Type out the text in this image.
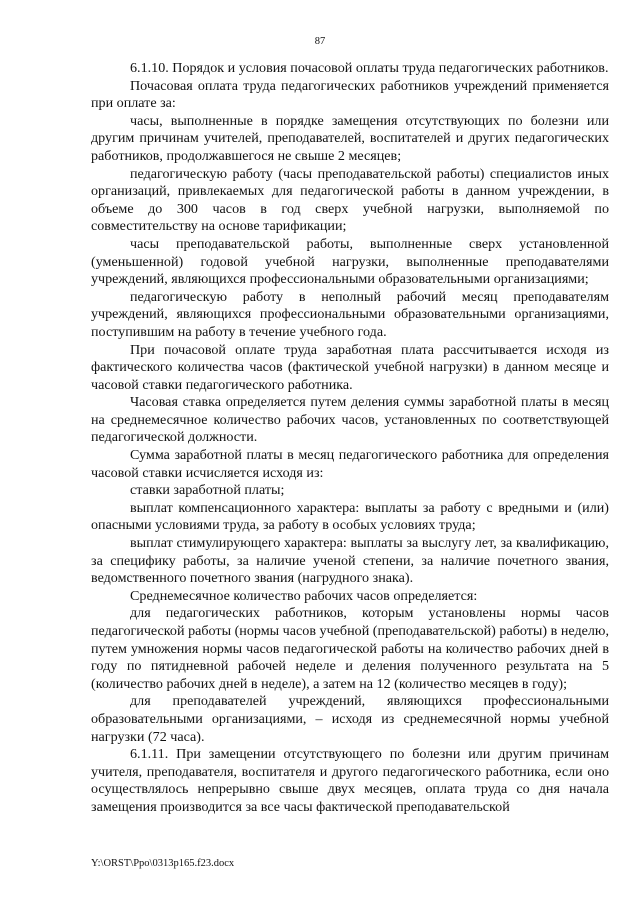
87

6.1.10. Порядок и условия почасовой оплаты труда педагогических работников.

Почасовая оплата труда педагогических работников учреждений применяется при оплате за:

часы, выполненные в порядке замещения отсутствующих по болезни или другим причинам учителей, преподавателей, воспитателей и других педагогических работников, продолжавшегося не свыше 2 месяцев;

педагогическую работу (часы преподавательской работы) специалистов иных организаций, привлекаемых для педагогической работы в данном учреждении, в объеме до 300 часов в год сверх учебной нагрузки, выполняемой по совместительству на основе тарификации;

часы преподавательской работы, выполненные сверх установленной (уменьшенной) годовой учебной нагрузки, выполненные преподавателями учреждений, являющихся профессиональными образовательными организациями;

педагогическую работу в неполный рабочий месяц преподавателям учреждений, являющихся профессиональными образовательными организациями, поступившим на работу в течение учебного года.

При почасовой оплате труда заработная плата рассчитывается исходя из фактического количества часов (фактической учебной нагрузки) в данном месяце и часовой ставки педагогического работника.

Часовая ставка определяется путем деления суммы заработной платы в месяц на среднемесячное количество рабочих часов, установленных по соответствующей педагогической должности.

Сумма заработной платы в месяц педагогического работника для определения часовой ставки исчисляется исходя из:

ставки заработной платы;

выплат компенсационного характера: выплаты за работу с вредными и (или) опасными условиями труда, за работу в особых условиях труда;

выплат стимулирующего характера: выплаты за выслугу лет, за квалификацию, за специфику работы, за наличие ученой степени, за наличие почетного звания, ведомственного почетного звания (нагрудного знака).

Среднемесячное количество рабочих часов определяется:

для педагогических работников, которым установлены нормы часов педагогической работы (нормы часов учебной (преподавательской) работы) в неделю, путем умножения нормы часов педагогической работы на количество рабочих дней в году по пятидневной рабочей неделе и деления полученного результата на 5 (количество рабочих дней в неделе), а затем на 12 (количество месяцев в году);

для преподавателей учреждений, являющихся профессиональными образовательными организациями, – исходя из среднемесячной нормы учебной нагрузки (72 часа).

6.1.11. При замещении отсутствующего по болезни или другим причинам учителя, преподавателя, воспитателя и другого педагогического работника, если оно осуществлялось непрерывно свыше двух месяцев, оплата труда со дня начала замещения производится за все часы фактической преподавательской

Y:\ORST\Ppo\0313p165.f23.docx
